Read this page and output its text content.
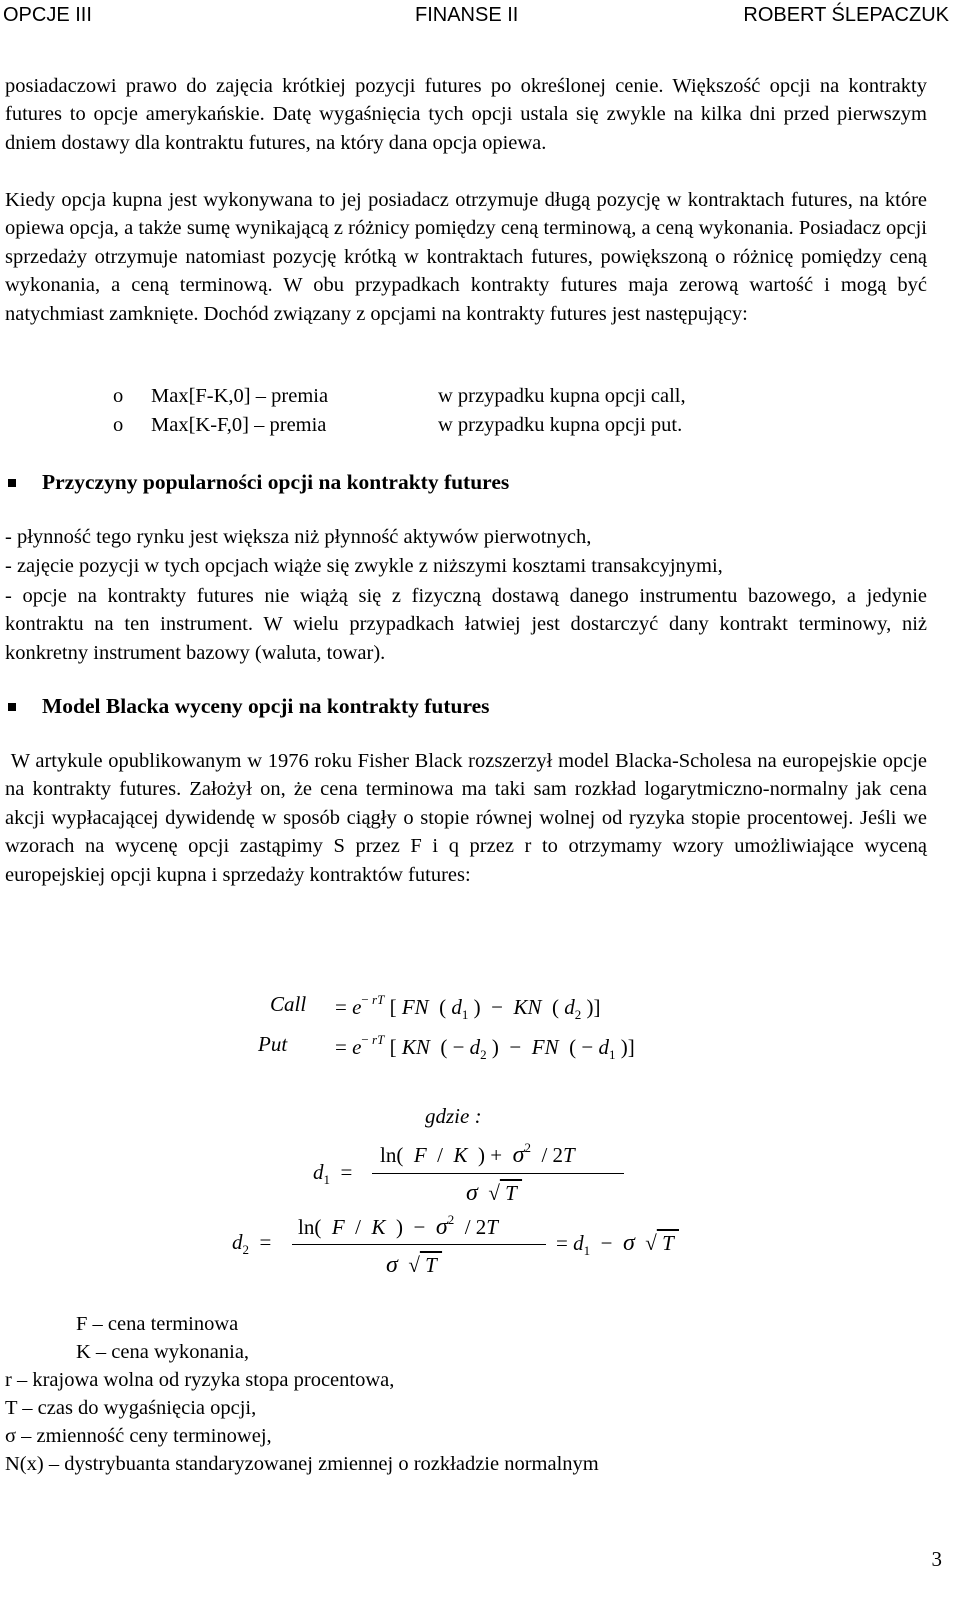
OPCJE III	FINANSE II	ROBERT ŚLEPACZUK

posiadaczowi prawo do zajęcia krótkiej pozycji futures po określonej cenie. Większość opcji na kontrakty futures to opcje amerykańskie. Datę wygaśnięcia tych opcji ustala się zwykle na kilka dni przed pierwszym dniem dostawy dla kontraktu futures, na który dana opcja opiewa.

Kiedy opcja kupna jest wykonywana to jej posiadacz otrzymuje długą pozycję w kontraktach futures, na które opiewa opcja, a także sumę wynikającą z różnicy pomiędzy ceną terminową, a ceną wykonania. Posiadacz opcji sprzedaży otrzymuje natomiast pozycję krótką w kontraktach futures, powiększoną o różnicę pomiędzy ceną wykonania, a ceną terminową. W obu przypadkach kontrakty futures maja zerową wartość i mogą być natychmiast zamknięte. Dochód związany z opcjami na kontrakty futures jest następujący:

o Max[F-K,0] – premia	w przypadku kupna opcji call,
o Max[K-F,0] – premia	w przypadku kupna opcji put.
Przyczyny popularności opcji na kontrakty futures
- płynność tego rynku jest większa niż płynność aktywów pierwotnych,
- zajęcie pozycji w tych opcjach wiąże się zwykle z niższymi kosztami transakcyjnymi,

- opcje na kontrakty futures nie wiążą się z fizyczną dostawą danego instrumentu bazowego, a jedynie kontraktu na ten instrument. W wielu przypadkach łatwiej jest dostarczyć dany kontrakt terminowy, niż konkretny instrument bazowy (waluta, towar).

Model Blacka wyceny opcji na kontrakty futures

W artykule opublikowanym w 1976 roku Fisher Black rozszerzył model Blacka-Scholesa na europejskie opcje na kontrakty futures. Założył on, że cena terminowa ma taki sam rozkład logarytmiczno-normalny jak cena akcji wypłacającej dywidendę w sposób ciągły o stopie równej wolnej od ryzyka stopie procentowej. Jeśli we wzorach na wycenę opcji zastąpimy S przez F i q przez r to otrzymamy wzory umożliwiające wyceną europejskiej opcji kupna i sprzedaży kontraktów futures:

Call = $e^{- rT}$ [ FN  ( $d_1$ )  −  KN  ( $d_2$ )]
Put = $e^{- rT}$ [ KN  ( − $d_2$ )  −  FN  ( − $d_1$ )]
gdzie :
$d_1$  =
ln(  F  /  K  ) +  $\sigma^2 / 2T$
σ  √ T
$d_2$  =
ln(  F  /  K  )  −  $\sigma^2 / 2T$
σ  √ T
= $d_1 - \sigma$  √ T
F – cena terminowa
K – cena wykonania,
r – krajowa wolna od ryzyka stopa procentowa,
T – czas do wygaśnięcia opcji,
σ – zmienność ceny terminowej,
N(x) – dystrybuanta standaryzowanej zmiennej o rozkładzie normalnym
3
